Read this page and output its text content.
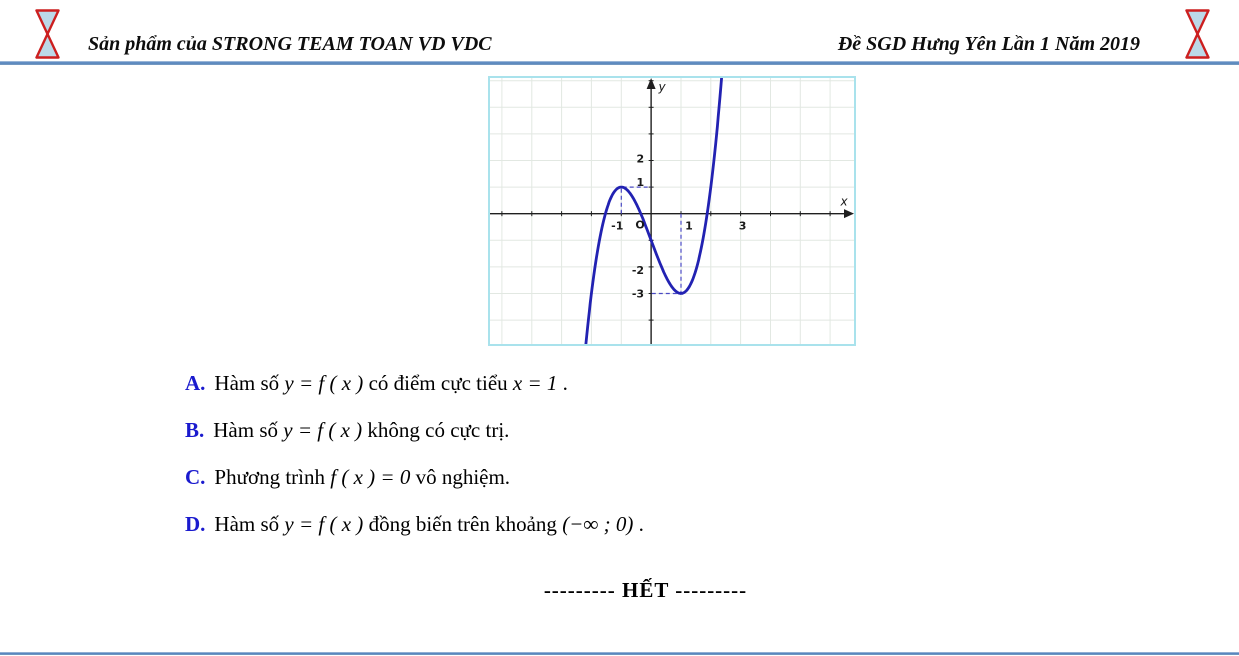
Sản phẩm của STRONG TEAM TOAN VD VDC	Đề SGD Hưng Yên Lần 1 Năm 2019
-1	1	3
2
1
-2
-3
O
x
y
A. Hàm số y = f ( x ) có điểm cực tiểu x = 1 .
B. Hàm số y = f ( x ) không có cực trị.
C. Phương trình f ( x ) = 0 vô nghiệm.
D. Hàm số y = f ( x ) đồng biến trên khoảng (−∞ ; 0) .
--------- HẾT ---------
